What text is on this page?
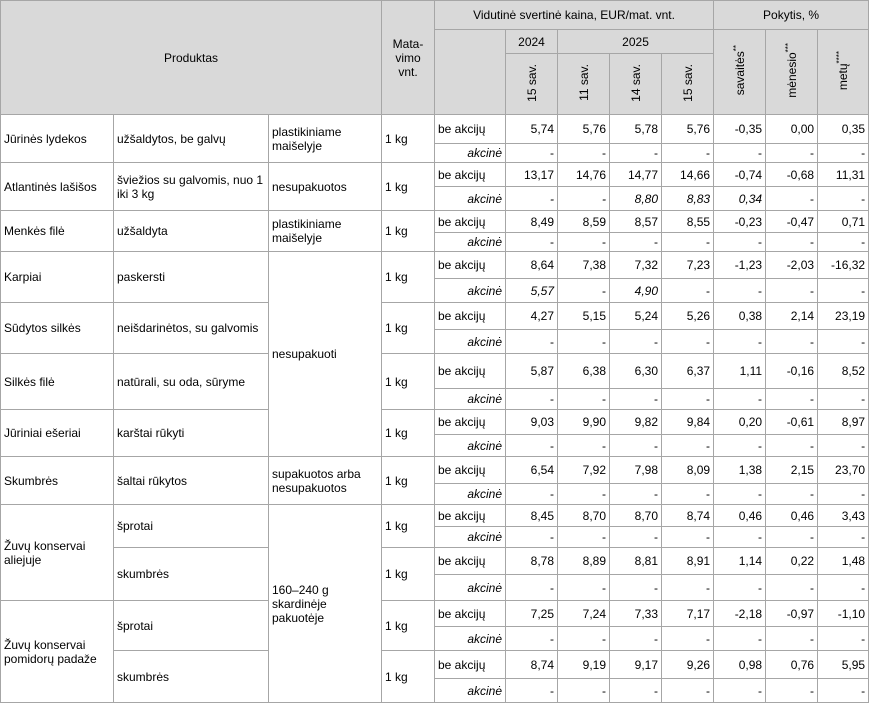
Produktas			Mata-vimo vnt.	Vidutinė svertinė kaina, EUR/mat. vnt.					Pokytis, %		
					2024	2025			savaitės**	mėnesio***	metų****
					15 sav.	11 sav.	14 sav.	15 sav.			
Jūrinės lydekos	užšaldytos, be galvų	plastikiniame maišelyje	1 kg	be akcijų	5,74	5,76	5,78	5,76	-0,35	0,00	0,35
				akcinė	-	-	-	-	-	-	-
Atlantinės lašišos	šviežios su galvomis, nuo 1 iki 3 kg	nesupakuotos	1 kg	be akcijų	13,17	14,76	14,77	14,66	-0,74	-0,68	11,31
				akcinė	-	-	8,80	8,83	0,34	-	-
Menkės filė	užšaldyta	plastikiniame maišelyje	1 kg	be akcijų	8,49	8,59	8,57	8,55	-0,23	-0,47	0,71
				akcinė	-	-	-	-	-	-	-
Karpiai	paskersti	nesupakuoti	1 kg	be akcijų	8,64	7,38	7,32	7,23	-1,23	-2,03	-16,32
				akcinė	5,57	-	4,90	-	-	-	-
Sūdytos silkės	neišdarinėtos, su galvomis		1 kg	be akcijų	4,27	5,15	5,24	5,26	0,38	2,14	23,19
				akcinė	-	-	-	-	-	-	-
Silkės filė	natūrali, su oda, sūryme		1 kg	be akcijų	5,87	6,38	6,30	6,37	1,11	-0,16	8,52
				akcinė	-	-	-	-	-	-	-
Jūriniai ešeriai	karštai rūkyti		1 kg	be akcijų	9,03	9,90	9,82	9,84	0,20	-0,61	8,97
				akcinė	-	-	-	-	-	-	-
Skumbrės	šaltai rūkytos	supakuotos arba nesupakuotos	1 kg	be akcijų	6,54	7,92	7,98	8,09	1,38	2,15	23,70
				akcinė	-	-	-	-	-	-	-
Žuvų konservai aliejuje	šprotai	160–240 g skardinėje pakuotėje	1 kg	be akcijų	8,45	8,70	8,70	8,74	0,46	0,46	3,43
				akcinė	-	-	-	-	-	-	-
	skumbrės		1 kg	be akcijų	8,78	8,89	8,81	8,91	1,14	0,22	1,48
				akcinė	-	-	-	-	-	-	-
Žuvų konservai pomidorų padaže	šprotai		1 kg	be akcijų	7,25	7,24	7,33	7,17	-2,18	-0,97	-1,10
				akcinė	-	-	-	-	-	-	-
	skumbrės		1 kg	be akcijų	8,74	9,19	9,17	9,26	0,98	0,76	5,95
				akcinė	-	-	-	-	-	-	-
